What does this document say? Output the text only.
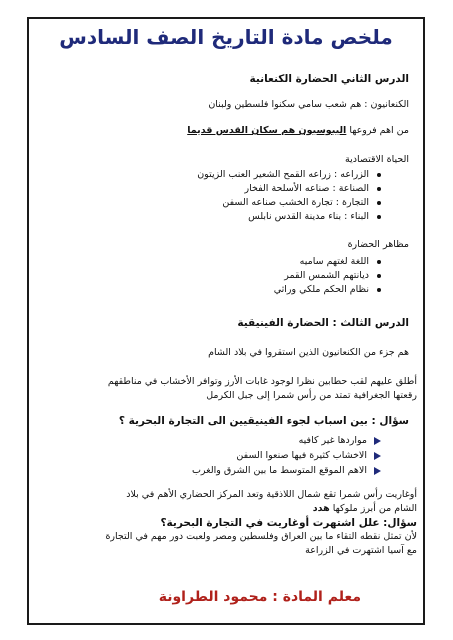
ملخص مادة التاريخ الصف السادس
الدرس الثاني الحضارة الكنعانية
الكنعانيون : هم شعب سامي سكنوا فلسطين ولبنان
من اهم فروعها اليبوسيون هم سكان القدس قديما
الحياة الاقتصادية
الزراعه : زراعه القمح الشعير العنب الزيتون
الصناعة : صناعه الأسلحة الفخار
التجارة : تجارة الخشب صناعه السفن
البناء : بناء مدينة القدس نابلس
مظاهر الحضارة
اللغة لغتهم ساميه
ديانتهم الشمس القمر
نظام الحكم ملكي وراثي
الدرس الثالث : الحضارة الفينيقية
هم جزء من الكنعانيون الذين استقروا في بلاد الشام
أطلق عليهم لقب حطابين نظرا لوجود غابات الأرز وتوافر الأخشاب في مناطقهم
رقعتها الجغرافية تمتد من رأس شمرا إلى جبل الكرمل
سؤال : بين اسباب لجوء الفينيقيين الى التجارة البحرية ؟
مواردها غير كافيه
الاخشاب كثيرة فيها صنعوا السفن
الاهم الموقع المتوسط ما بين الشرق والغرب
أوغاريت رأس شمرا تقع شمال اللاذقية وتعد المركز الحضاري الأهم في بلاد
الشام من أبرز ملوكها هدد
سؤال: علل اشتهرت أوغاريت في التجارة البحرية؟
لأن تمثل نقطه التقاء ما بين العراق وفلسطين ومصر ولعبت دور مهم في التجارة
مع آسيا اشتهرت في الزراعة
معلم المادة : محمود الطراونة
